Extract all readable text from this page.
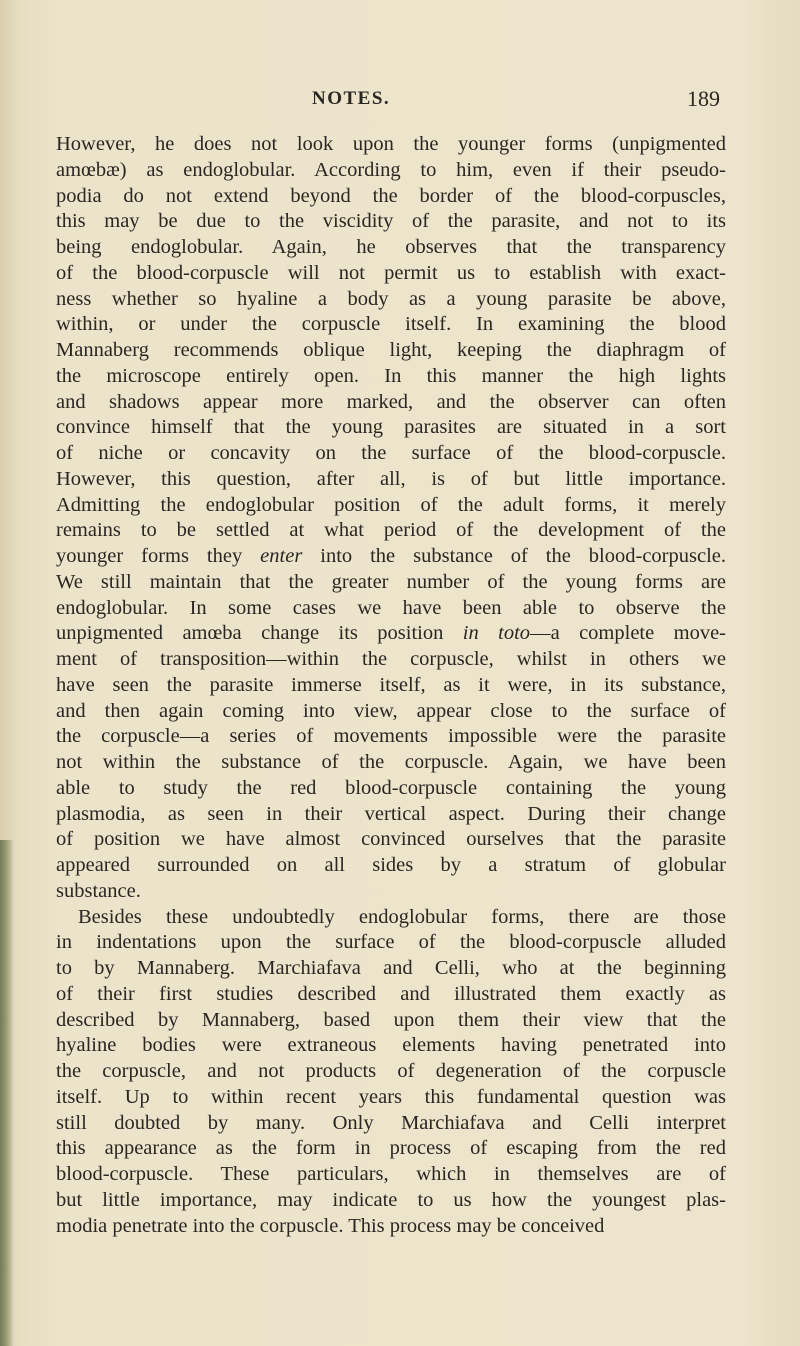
NOTES.	189
However, he does not look upon the younger forms (unpigmented
amœbæ) as endoglobular. According to him, even if their pseudo-
podia do not extend beyond the border of the blood-corpuscles,
this may be due to the viscidity of the parasite, and not to its
being endoglobular. Again, he observes that the transparency
of the blood-corpuscle will not permit us to establish with exact-
ness whether so hyaline a body as a young parasite be above,
within, or under the corpuscle itself. In examining the blood
Mannaberg recommends oblique light, keeping the diaphragm of
the microscope entirely open. In this manner the high lights
and shadows appear more marked, and the observer can often
convince himself that the young parasites are situated in a sort
of niche or concavity on the surface of the blood-corpuscle.
However, this question, after all, is of but little importance.
Admitting the endoglobular position of the adult forms, it merely
remains to be settled at what period of the development of the
younger forms they enter into the substance of the blood-corpuscle.
We still maintain that the greater number of the young forms are
endoglobular. In some cases we have been able to observe the
unpigmented amœba change its position in toto—a complete move-
ment of transposition—within the corpuscle, whilst in others we
have seen the parasite immerse itself, as it were, in its substance,
and then again coming into view, appear close to the surface of
the corpuscle—a series of movements impossible were the parasite
not within the substance of the corpuscle. Again, we have been
able to study the red blood-corpuscle containing the young
plasmodia, as seen in their vertical aspect. During their change
of position we have almost convinced ourselves that the parasite
appeared surrounded on all sides by a stratum of globular
substance.
Besides these undoubtedly endoglobular forms, there are those
in indentations upon the surface of the blood-corpuscle alluded
to by Mannaberg. Marchiafava and Celli, who at the beginning
of their first studies described and illustrated them exactly as
described by Mannaberg, based upon them their view that the
hyaline bodies were extraneous elements having penetrated into
the corpuscle, and not products of degeneration of the corpuscle
itself. Up to within recent years this fundamental question was
still doubted by many. Only Marchiafava and Celli interpret
this appearance as the form in process of escaping from the red
blood-corpuscle. These particulars, which in themselves are of
but little importance, may indicate to us how the youngest plas-
modia penetrate into the corpuscle. This process may be conceived
